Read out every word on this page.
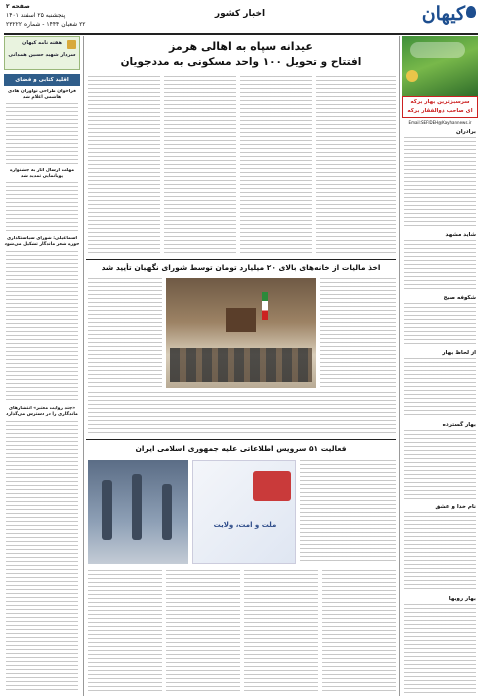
کیهان
اخبار کشور
صفحه ۲
پنجشنبه ۲۵ اسفند ۱۴۰۱
۲۲ شعبان ۱۴۴۴ - شماره ۲۳۲۲۲
سرسبزترین بهار برکه
ای صاحب ذوالفقار برکه
Email:SEFIDEH@Kayhannews.ir
برادران
شاید مشهد
شکوفه صبح
از لحاظ بهار
بهار گسترده
نام خدا و عشق
بهار روبها
هفته نامه کیهان
سردار شهید حسین همدانی
اقلید کتابی و فضای
فراخوان طراحی نوآوران هادی هاشمی اعلام شد
مهلت ارسال آثار به جشنواره پویانمایی تمدید شد
اسماعیلی: شورای سیاستگذاری حوزه شعر ماندگار تشکیل می‌شود
«چند روایت معتبر» انتشارهای ماندگاری را در دسترس می‌گذارد
عیدانه سپاه به اهالی هرمز
افتتاح و تحویل ۱۰۰ واحد مسکونی به مددجویان
اخذ مالیات از خانه‌های بالای ۲۰ میلیارد تومان توسط شورای نگهبان تأیید شد
فعالیت ۵۱ سرویس اطلاعاتی علیه جمهوری اسلامی ایران
ملت و امت، ولایت
